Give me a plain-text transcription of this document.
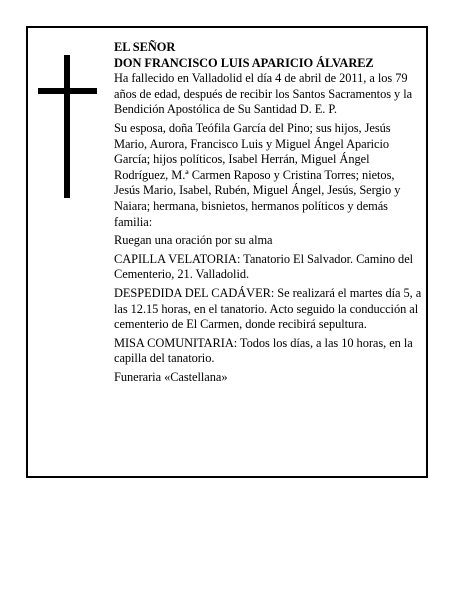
EL SEÑOR

DON FRANCISCO LUIS APARICIO ÁLVAREZ

Ha fallecido en Valladolid el día 4 de abril de 2011, a los 79 años de edad, después de recibir los Santos Sacramentos y la Bendición Apostólica de Su Santidad D. E. P.

Su esposa, doña Teófila García del Pino; sus hijos, Jesús Mario, Aurora, Francisco Luis y Miguel Ángel Aparicio García; hijos políticos, Isabel Herrán, Miguel Ángel Rodríguez, M.ª Carmen Raposo y Cristina Torres; nietos, Jesús Mario, Isabel, Rubén, Miguel Ángel, Jesús, Sergio y Naiara; hermana, bisnietos, hermanos políticos y demás familia:

Ruegan una oración por su alma

CAPILLA VELATORIA: Tanatorio El Salvador. Camino del Cementerio, 21. Valladolid.

DESPEDIDA DEL CADÁVER: Se realizará el martes día 5, a las 12.15 horas, en el tanatorio. Acto seguido la conducción al cementerio de El Carmen, donde recibirá sepultura.

MISA COMUNITARIA: Todos los días, a las 10 horas, en la capilla del tanatorio.

Funeraria «Castellana»
